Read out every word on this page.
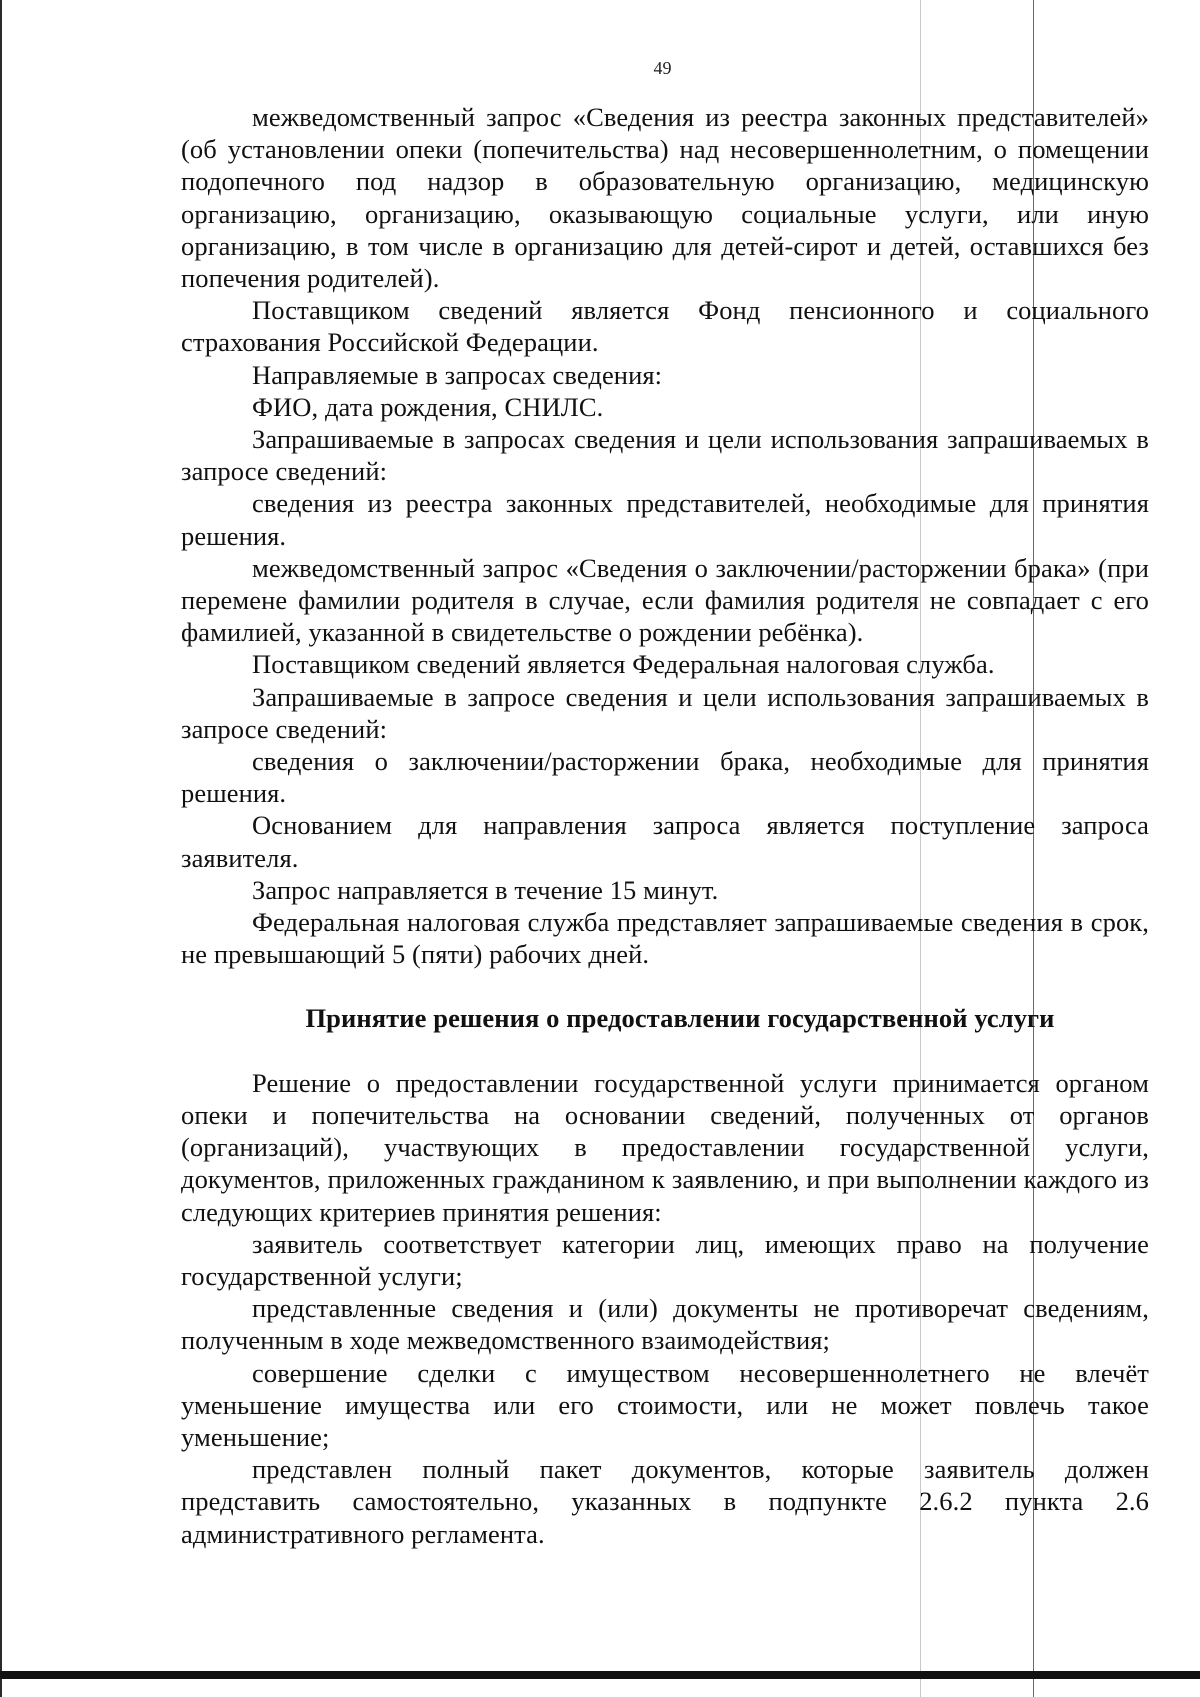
49

межведомственный запрос «Сведения из реестра законных представителей» (об установлении опеки (попечительства) над несовершеннолетним, о помещении подопечного под надзор в образовательную организацию, медицинскую организацию, организацию, оказывающую социальные услуги, или иную организацию, в том числе в организацию для детей-сирот и детей, оставшихся без попечения родителей).

Поставщиком сведений является Фонд пенсионного и социального страхования Российской Федерации.

Направляемые в запросах сведения:

ФИО, дата рождения, СНИЛС.

Запрашиваемые в запросах сведения и цели использования запрашиваемых в запросе сведений:

сведения из реестра законных представителей, необходимые для принятия решения.

межведомственный запрос «Сведения о заключении/расторжении брака» (при перемене фамилии родителя в случае, если фамилия родителя не совпадает с его фамилией, указанной в свидетельстве о рождении ребёнка).

Поставщиком сведений является Федеральная налоговая служба.

Запрашиваемые в запросе сведения и цели использования запрашиваемых в запросе сведений:

сведения о заключении/расторжении брака, необходимые для принятия решения.

Основанием для направления запроса является поступление запроса заявителя.

Запрос направляется в течение 15 минут.

Федеральная налоговая служба представляет запрашиваемые сведения в срок, не превышающий 5 (пяти) рабочих дней.

Принятие решения о предоставлении государственной услуги

Решение о предоставлении государственной услуги принимается органом опеки и попечительства на основании сведений, полученных от органов (организаций), участвующих в предоставлении государственной услуги, документов, приложенных гражданином к заявлению, и при выполнении каждого из следующих критериев принятия решения:

заявитель соответствует категории лиц, имеющих право на получение государственной услуги;

представленные сведения и (или) документы не противоречат сведениям, полученным в ходе межведомственного взаимодействия;

совершение сделки с имуществом несовершеннолетнего не влечёт уменьшение имущества или его стоимости, или не может повлечь такое уменьшение;

представлен полный пакет документов, которые заявитель должен представить самостоятельно, указанных в подпункте 2.6.2 пункта 2.6 административного регламента.
